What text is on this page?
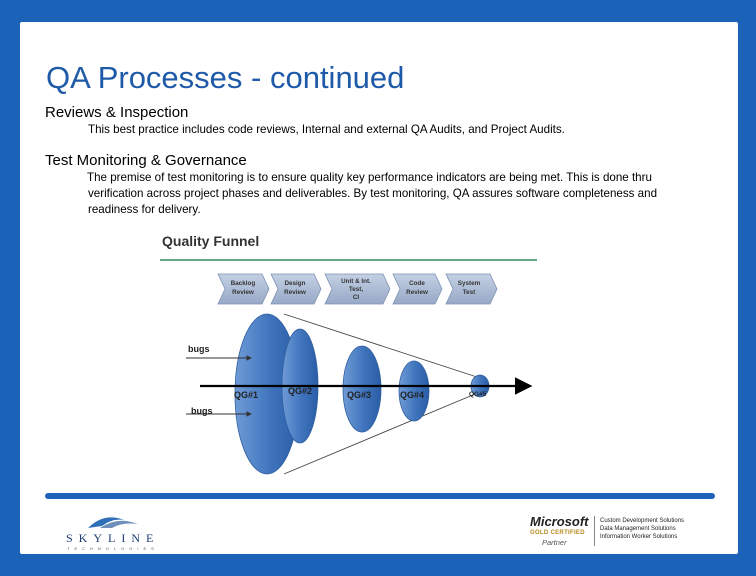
QA Processes - continued
Reviews & Inspection
This best practice includes code reviews, Internal and external QA Audits, and Project Audits.
Test Monitoring & Governance
The premise of test monitoring is to ensure quality key performance indicators are being met. This is done thru verification across project phases and deliverables. By test monitoring, QA assures software completeness and readiness for delivery.
Quality Funnel
Backlog
Review
Design
Review
Unit & Int.
Test,
CI
Code
Review
System
Test
bugs
bugs
QG#1	QG#2	QG#3	QG#4	QG#5
SKYLINE
TECHNOLOGIES
Microsoft
GOLD CERTIFIED
Partner
Custom Development Solutions
Data Management Solutions
Information Worker Solutions
